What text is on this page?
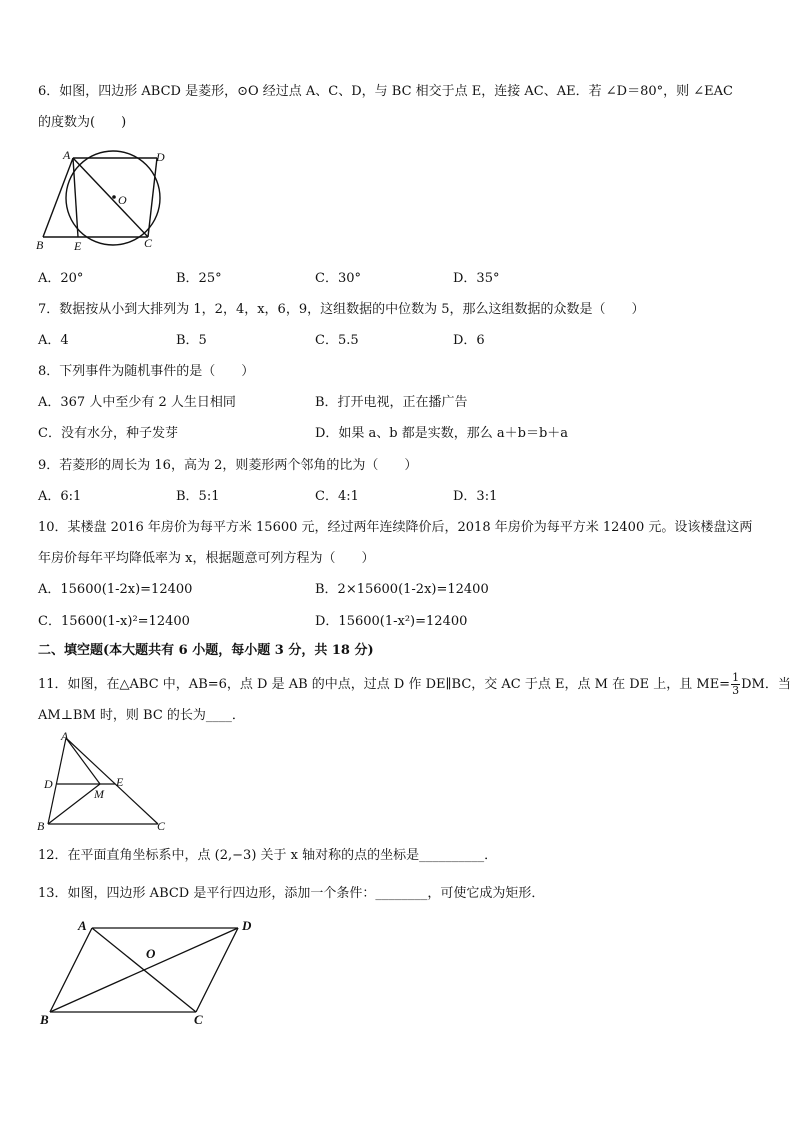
6．如图，四边形 ABCD 是菱形，⊙O 经过点 A、C、D，与 BC 相交于点 E，连接 AC、AE．若 ∠D＝80°，则 ∠EAC
的度数为(　　)
A	D
O
B	E	C
A．20°	B．25°	C．30°	D．35°
7．数据按从小到大排列为 1，2，4，x，6，9，这组数据的中位数为 5，那么这组数据的众数是（　　）
A．4	B．5	C．5.5	D．6
8．下列事件为随机事件的是（　　）
A．367 人中至少有 2 人生日相同	B．打开电视，正在播广告
C．没有水分，种子发芽	D．如果 a、b 都是实数，那么 a＋b＝b＋a
9．若菱形的周长为 16，高为 2，则菱形两个邻角的比为（　　）
A．6:1	B．5:1	C．4:1	D．3:1
10．某楼盘 2016 年房价为每平方米 15600 元，经过两年连续降价后，2018 年房价为每平方米 12400 元。设该楼盘这两
年房价每年平均降低率为 x，根据题意可列方程为（　　）
A．15600(1-2x)=12400	B．2×15600(1-2x)=12400
C．15600(1-x)²=12400	D．15600(1-x²)=12400
二、填空题(本大题共有 6 小题，每小题 3 分，共 18 分)
11．如图，在△ABC 中，AB=6，点 D 是 AB 的中点，过点 D 作 DE∥BC，交 AC 于点 E，点 M 在 DE 上，且 $ME= \frac{1}{3}$ DM．当
AM⊥BM 时，则 BC 的长为____．
A
D	E
M
B	C
12．在平面直角坐标系中，点 (2,−3) 关于 x 轴对称的点的坐标是__________．
13．如图，四边形 ABCD 是平行四边形，添加一个条件：________，可使它成为矩形．
A	D
O
B	C
